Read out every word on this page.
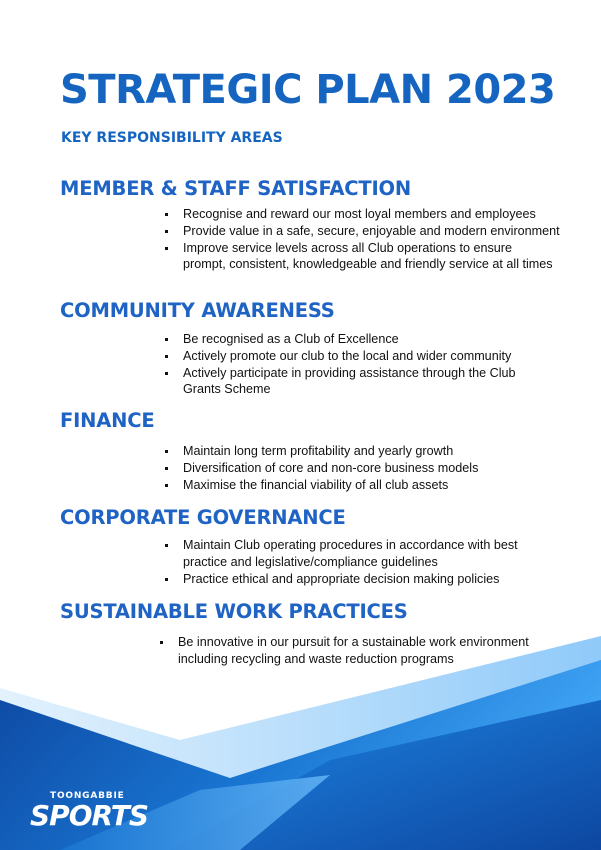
STRATEGIC PLAN 2023
KEY RESPONSIBILITY AREAS
MEMBER & STAFF SATISFACTION
Recognise and reward our most loyal members and employees
Provide value in a safe, secure, enjoyable and modern environment
Improve service levels across all Club operations to ensure prompt, consistent, knowledgeable and friendly service at all times
COMMUNITY AWARENESS
Be recognised as a Club of Excellence
Actively promote our club to the local and wider community
Actively participate in providing assistance through the Club Grants Scheme
FINANCE
Maintain long term profitability and yearly growth
Diversification of core and non-core business models
Maximise the financial viability of all club assets
CORPORATE GOVERNANCE
Maintain Club operating procedures in accordance with best practice and legislative/compliance guidelines
Practice ethical and appropriate decision making policies
SUSTAINABLE WORK PRACTICES
Be innovative in our pursuit for a sustainable work environment including recycling and waste reduction programs
TOONGABBIE
SPORTS
